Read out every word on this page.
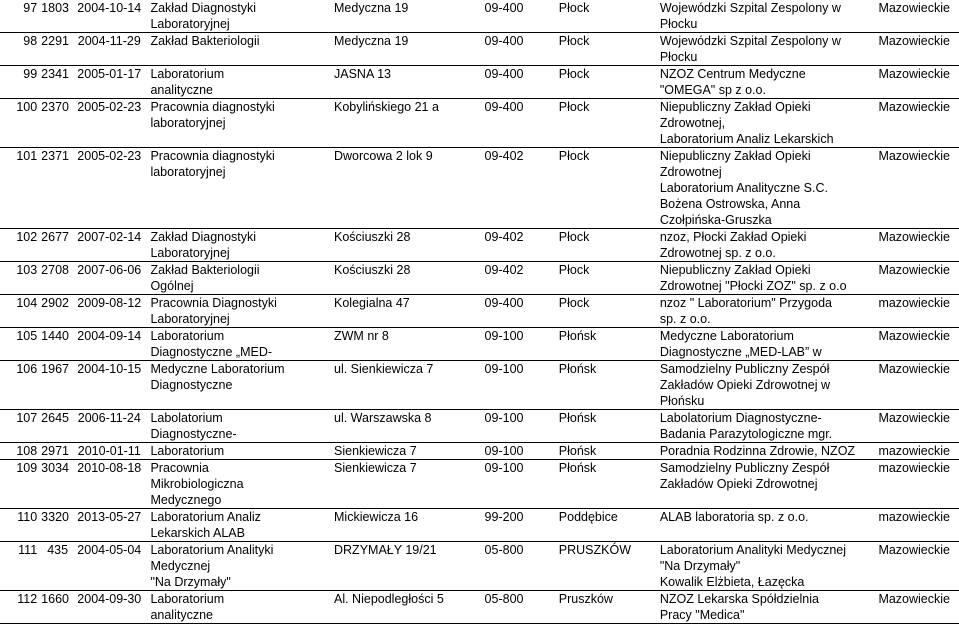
97	1803	2004-10-14	Zakład Diagnostyki
Laboratoryjnej	Medyczna 19	09-400	Płock	Wojewódzki Szpital Zespolony w
Płocku	Mazowieckie
98	2291	2004-11-29	Zakład Bakteriologii	Medyczna 19	09-400	Płock	Wojewódzki Szpital Zespolony w
Płocku	Mazowieckie
99	2341	2005-01-17	Laboratorium
analityczne	JASNA 13	09-400	Płock	NZOZ Centrum Medyczne
"OMEGA" sp z o.o.	Mazowieckie
100	2370	2005-02-23	Pracownia diagnostyki
laboratoryjnej	Kobylińskiego 21 a	09-400	Płock	Niepubliczny Zakład Opieki
Zdrowotnej,
Laboratorium Analiz Lekarskich	Mazowieckie
101	2371	2005-02-23	Pracownia diagnostyki
laboratoryjnej	Dworcowa 2 lok 9	09-402	Płock	Niepubliczny Zakład Opieki
Zdrowotnej
Laboratorium Analityczne S.C.
Bożena Ostrowska, Anna
Czołpińska-Gruszka	Mazowieckie
102	2677	2007-02-14	Zakład Diagnostyki
Laboratoryjnej	Kościuszki 28	09-402	Płock	nzoz, Płocki Zakład Opieki
Zdrowotnej sp. z o.o.	Mazowieckie
103	2708	2007-06-06	Zakład Bakteriologii
Ogólnej	Kościuszki 28	09-402	Płock	Niepubliczny Zakład Opieki
Zdrowotnej "Płocki ZOZ" sp. z o.o	Mazowieckie
104	2902	2009-08-12	Pracownia Diagnostyki
Laboratoryjnej	Kolegialna 47	09-400	Płock	nzoz " Laboratorium" Przygoda
sp. z o.o.	mazowieckie
105	1440	2004-09-14	Laboratorium
Diagnostyczne „MED-	ZWM nr 8	09-100	Płońsk	Medyczne Laboratorium
Diagnostyczne „MED-LAB” w	Mazowieckie
106	1967	2004-10-15	Medyczne Laboratorium
Diagnostyczne	ul. Sienkiewicza 7	09-100	Płońsk	Samodzielny Publiczny Zespół
Zakładów Opieki Zdrowotnej w
Płońsku	Mazowieckie
107	2645	2006-11-24	Labolatorium
Diagnostyczne-	ul. Warszawska 8	09-100	Płońsk	Labolatorium Diagnostyczne-
Badania Parazytologiczne mgr.	Mazowieckie
108	2971	2010-01-11	Laboratorium	Sienkiewicza 7	09-100	Płońsk	Poradnia Rodzinna Zdrowie, NZOZ	mazowieckie
109	3034	2010-08-18	Pracownia
Mikrobiologiczna
Medycznego	Sienkiewicza 7	09-100	Płońsk	Samodzielny Publiczny Zespół
Zakładów Opieki Zdrowotnej	mazowieckie
110	3320	2013-05-27	Laboratorium Analiz
Lekarskich ALAB	Mickiewicza 16	99-200	Poddębice	ALAB laboratoria sp. z o.o.	mazowieckie
111	435	2004-05-04	Laboratorium Analityki
Medycznej
"Na Drzymały"	DRZYMAŁY 19/21	05-800	PRUSZKÓW	Laboratorium Analityki Medycznej
"Na Drzymały"
Kowalik Elżbieta, Łazęcka	Mazowieckie
112	1660	2004-09-30	Laboratorium
analityczne	Al. Niepodległości 5	05-800	Pruszków	NZOZ Lekarska Spółdzielnia
Pracy "Medica"	Mazowieckie
